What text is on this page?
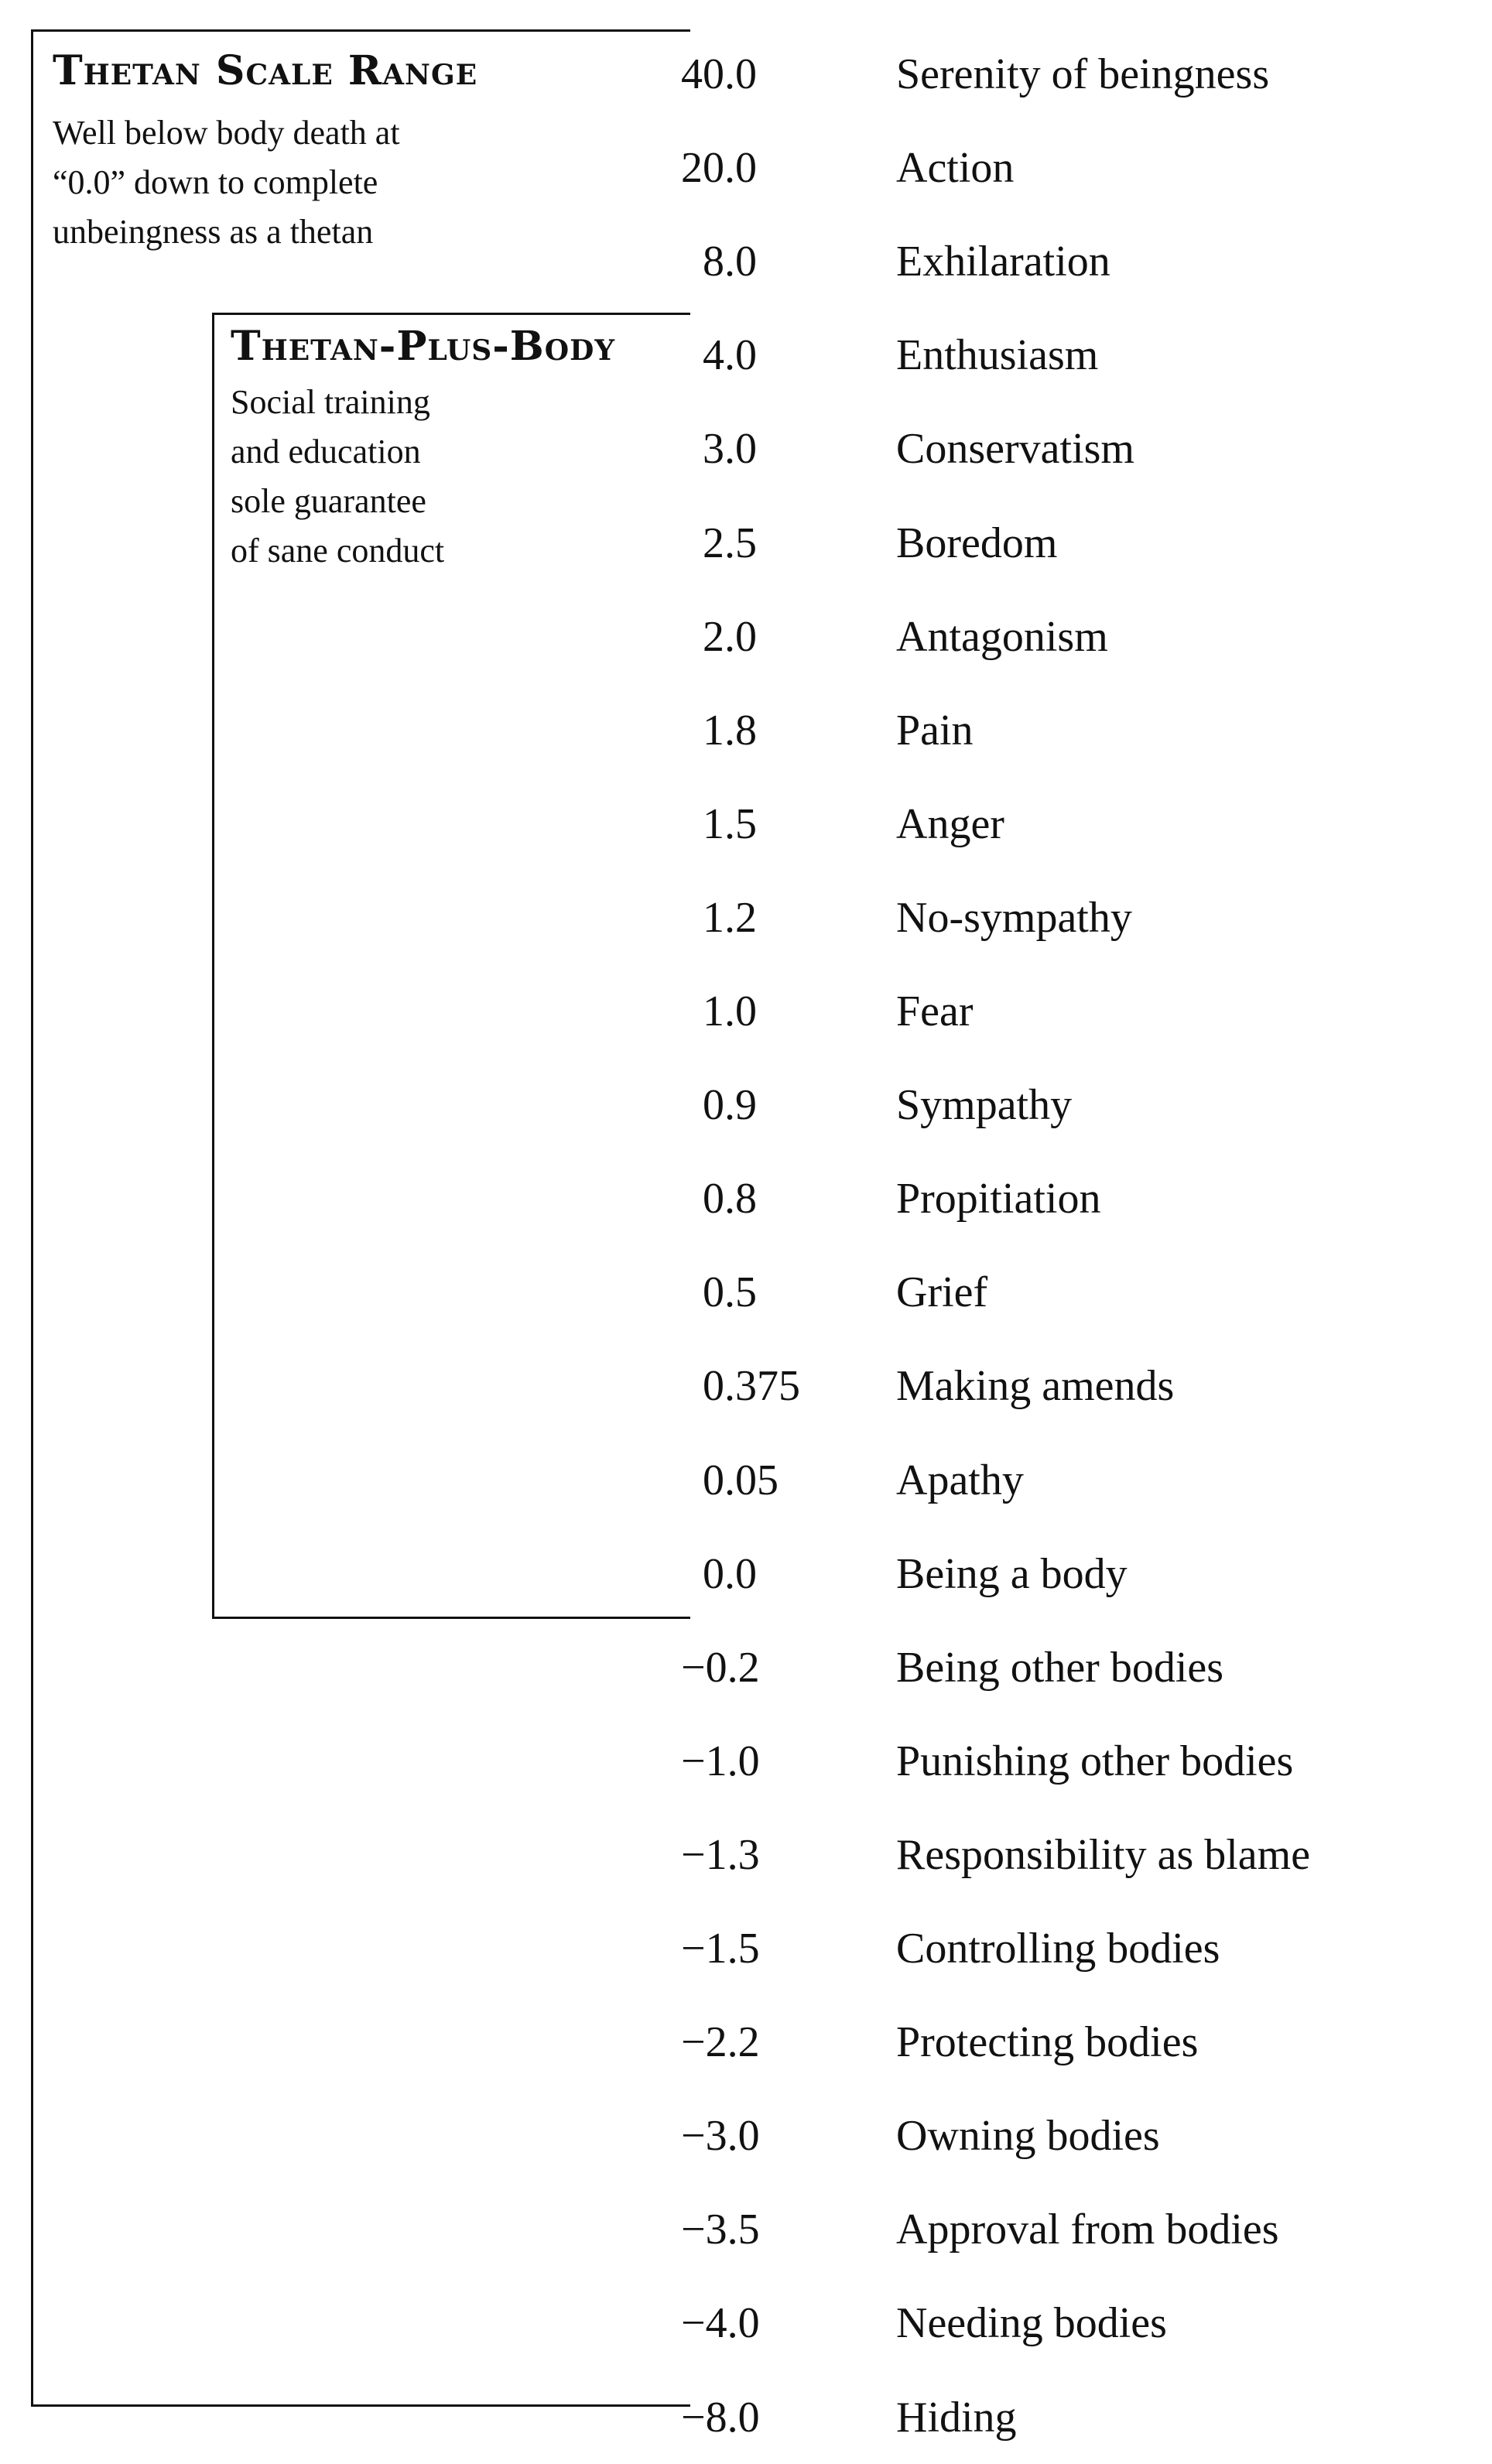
Thetan Scale Range
Well below body death at
“0.0” down to complete
unbeingness as a thetan
Thetan-Plus-Body
Social training
and education
sole guarantee
of sane conduct
40.0	Serenity of beingness
20.0	Action
8.0	Exhilaration
4.0	Enthusiasm
3.0	Conservatism
2.5	Boredom
2.0	Antagonism
1.8	Pain
1.5	Anger
1.2	No-sympathy
1.0	Fear
0.9	Sympathy
0.8	Propitiation
0.5	Grief
0.375 Making amends
0.05	Apathy
0.0	Being a body
−0.2	Being other bodies
−1.0	Punishing other bodies
−1.3	Responsibility as blame
−1.5	Controlling bodies
−2.2	Protecting bodies
−3.0	Owning bodies
−3.5	Approval from bodies
−4.0	Needing bodies
−8.0	Hiding
